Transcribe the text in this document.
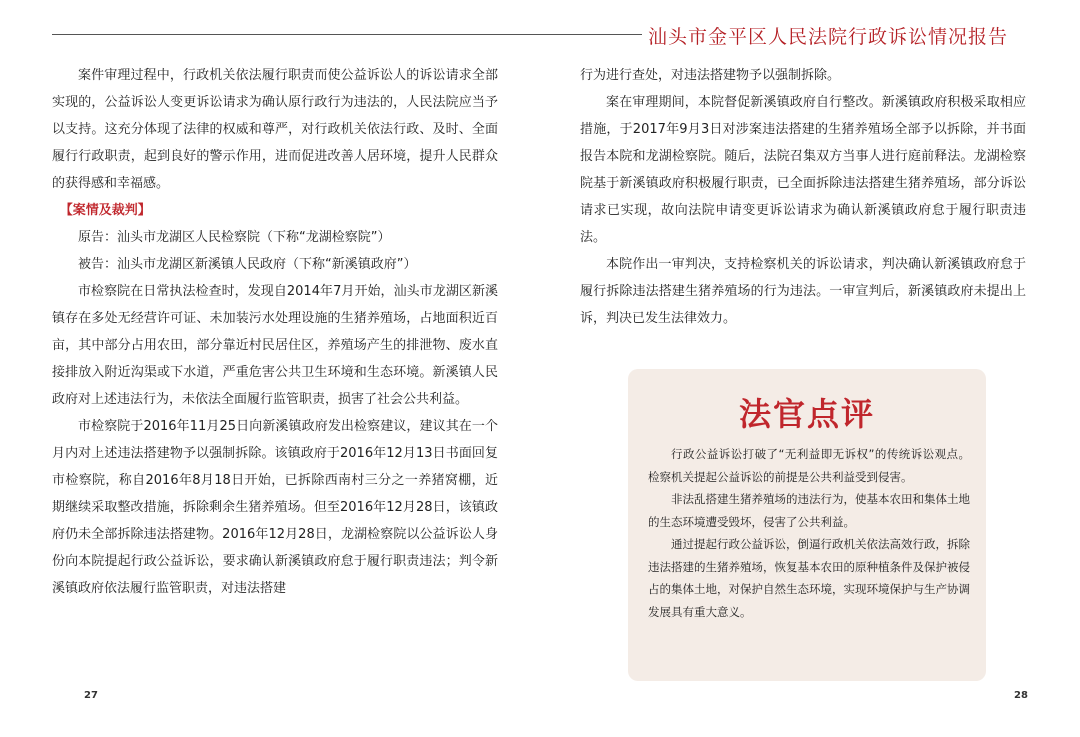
汕头市金平区人民法院行政诉讼情况报告

案件审理过程中，行政机关依法履行职责而使公益诉讼人的诉讼请求全部实现的，公益诉讼人变更诉讼请求为确认原行政行为违法的，人民法院应当予以支持。这充分体现了法律的权威和尊严，对行政机关依法行政、及时、全面履行行政职责，起到良好的警示作用，进而促进改善人居环境，提升人民群众的获得感和幸福感。

【案情及裁判】

原告：汕头市龙湖区人民检察院（下称“龙湖检察院”）

被告：汕头市龙湖区新溪镇人民政府（下称“新溪镇政府”）

市检察院在日常执法检查时，发现自2014年7月开始，汕头市龙湖区新溪镇存在多处无经营许可证、未加装污水处理设施的生猪养殖场，占地面积近百亩，其中部分占用农田，部分靠近村民居住区，养殖场产生的排泄物、废水直接排放入附近沟渠或下水道，严重危害公共卫生环境和生态环境。新溪镇人民政府对上述违法行为，未依法全面履行监管职责，损害了社会公共利益。

市检察院于2016年11月25日向新溪镇政府发出检察建议，建议其在一个月内对上述违法搭建物予以强制拆除。该镇政府于2016年12月13日书面回复市检察院，称自2016年8月18日开始，已拆除西南村三分之一养猪窝棚，近期继续采取整改措施，拆除剩余生猪养殖场。但至2016年12月28日，该镇政府仍未全部拆除违法搭建物。2016年12月28日，龙湖检察院以公益诉讼人身份向本院提起行政公益诉讼，要求确认新溪镇政府怠于履行职责违法；判令新溪镇政府依法履行监管职责，对违法搭建

行为进行查处，对违法搭建物予以强制拆除。

案在审理期间，本院督促新溪镇政府自行整改。新溪镇政府积极采取相应措施，于2017年9月3日对涉案违法搭建的生猪养殖场全部予以拆除，并书面报告本院和龙湖检察院。随后，法院召集双方当事人进行庭前释法。龙湖检察院基于新溪镇政府积极履行职责，已全面拆除违法搭建生猪养殖场，部分诉讼请求已实现，故向法院申请变更诉讼请求为确认新溪镇政府怠于履行职责违法。

本院作出一审判决，支持检察机关的诉讼请求，判决确认新溪镇政府怠于履行拆除违法搭建生猪养殖场的行为违法。一审宣判后，新溪镇政府未提出上诉，判决已发生法律效力。

法官点评

行政公益诉讼打破了“无利益即无诉权”的传统诉讼观点。检察机关提起公益诉讼的前提是公共利益受到侵害。

非法乱搭建生猪养殖场的违法行为，使基本农田和集体土地的生态环境遭受毁坏，侵害了公共利益。

通过提起行政公益诉讼，倒逼行政机关依法高效行政，拆除违法搭建的生猪养殖场，恢复基本农田的原种植条件及保护被侵占的集体土地，对保护自然生态环境，实现环境保护与生产协调发展具有重大意义。

27	28
